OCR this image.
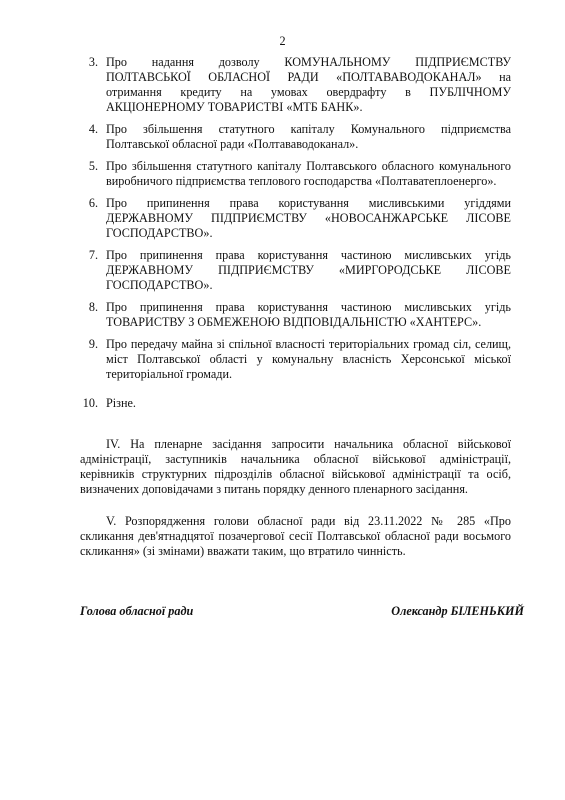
2
3. Про надання дозволу КОМУНАЛЬНОМУ ПІДПРИЄМСТВУ ПОЛТАВСЬКОЇ ОБЛАСНОЇ РАДИ «ПОЛТАВАВОДОКАНАЛ» на отримання кредиту на умовах овердрафту в ПУБЛІЧНОМУ АКЦІОНЕРНОМУ ТОВАРИСТВІ «МТБ БАНК».
4. Про збільшення статутного капіталу Комунального підприємства Полтавської обласної ради «Полтававодоканал».
5. Про збільшення статутного капіталу Полтавського обласного комунального виробничого підприємства теплового господарства «Полтаватеплоенерго».
6. Про припинення права користування мисливськими угіддями ДЕРЖАВНОМУ ПІДПРИЄМСТВУ «НОВОСАНЖАРСЬКЕ ЛІСОВЕ ГОСПОДАРСТВО».
7. Про припинення права користування частиною мисливських угідь ДЕРЖАВНОМУ ПІДПРИЄМСТВУ «МИРГОРОДСЬКЕ ЛІСОВЕ ГОСПОДАРСТВО».
8. Про припинення права користування частиною мисливських угідь ТОВАРИСТВУ З ОБМЕЖЕНОЮ ВІДПОВІДАЛЬНІСТЮ «ХАНТЕРС».
9. Про передачу майна зі спільної власності територіальних громад сіл, селищ, міст Полтавської області у комунальну власність Херсонської міської територіальної громади.
10. Різне.
ІV. На пленарне засідання запросити начальника обласної військової адміністрації, заступників начальника обласної військової адміністрації, керівників структурних підрозділів обласної військової адміністрації та осіб, визначених доповідачами з питань порядку денного пленарного засідання.
V. Розпорядження голови обласної ради від 23.11.2022 № 285 «Про скликання дев'ятнадцятої позачергової сесії Полтавської обласної ради восьмого скликання» (зі змінами) вважати таким, що втратило чинність.
Голова обласної ради	Олександр БІЛЕНЬКИЙ
